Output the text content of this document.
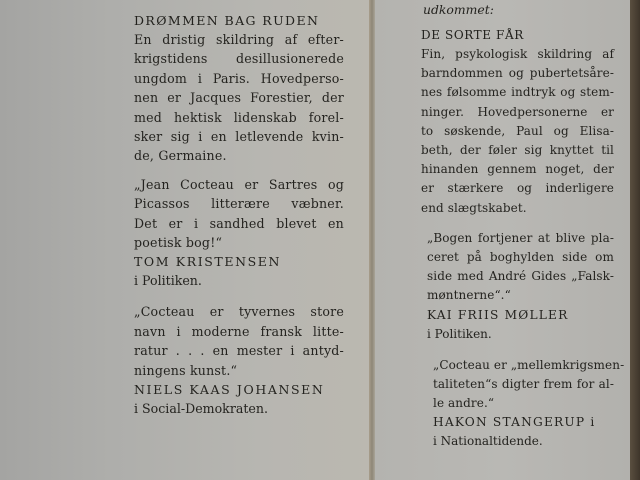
DRØMMEN BAG RUDEN
En dristig skildring af efter-
krigstidens desillusionerede
ungdom i Paris. Hovedperso-
nen er Jacques Forestier, der
med hektisk lidenskab forel-
sker sig i en letlevende kvin-
de, Germaine.
„Jean Cocteau er Sartres og
Picassos litterære væbner.
Det er i sandhed blevet en
poetisk bog!“
TOM KRISTENSEN
i Politiken.
„Cocteau er tyvernes store
navn i moderne fransk litte-
ratur . . . en mester i antyd-
ningens kunst.“
NIELS KAAS JOHANSEN
i Social-Demokraten.
udkommet:
DE SORTE FÅR
Fin, psykologisk skildring af
barndommen og pubertetsåre-
nes følsomme indtryk og stem-
ninger. Hovedpersonerne er
to søskende, Paul og Elisa-
beth, der føler sig knyttet til
hinanden gennem noget, der
er stærkere og inderligere
end slægtskabet.
„Bogen fortjener at blive pla-
ceret på boghylden side om
side med André Gides „Falsk-
møntnerne“.“
KAI FRIIS MØLLER
i Politiken.
„Cocteau er „mellemkrigsmen-
taliteten“s digter frem for al-
le andre.“
HAKON STANGERUP i
i Nationaltidende.
